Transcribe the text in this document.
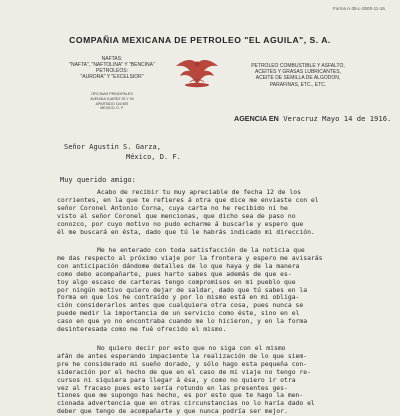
Forma A-35-L-2500-11-16.
COMPAÑIA MEXICANA DE PETROLEO "EL AGUILA", S. A.
NAFTAS:
"NAFTA", "NAFTOLINA" Y "BENCINA"
PETROLEOS:
"AURORA" Y "EXCELSIOR"
OFICINAS PRINCIPALES
AVENIDA JUAREZ 92 Y 94
APARTADO 116 BIS
MEXICO, D. F.
PETROLEO COMBUSTIBLE Y ASFALTO,
ACEITES Y GRASAS LUBRICANTES,
ACEITE DE SEMILLA DE ALGODON,
PARAFINAS, ETC., ETC.
AGENCIA EN Veracruz Mayo 14 de 1916.
Señor Agustin S. Garza,
México, D. F.
Muy querido amigo:
Acabo de recibir tu muy apreciable de fecha 12 de los
corrientes, en la que te refieres á otra que dice me enviaste con el
señor Coronel Antonio Corna, cuya carta no he recibido ni he
visto al señor Coronel que mencionas, que dicho sea de paso no
conozco, por cuyo motivo no pudo echarme á buscarle y espero que
él me buscará en ésta, dado que tú le habrás indicado mi dirección.
Me he enterado con toda satisfacción de la noticia que
me das respecto al próximo viaje por la frontera y espero me avisarás
con anticipación dándome detalles de lo que haya y de la manera
como debo acompañarte, pues harto sabes que además de que es-
toy algo escaso de carteras tengo compromisos en mi pueblo que
por ningún motivo quiero dejar de saldar, dado que tú sabes en la
forma en que los he contraído y por lo mismo está en mi obliga-
ción considerarlos antes que cualquiera otra cosa, pues nunca se
puede medir la importancia de un servicio como éste, sino en el
caso en que yo no encontraba cuando me lo hicieron, y en la forma
desinteresada como me fué ofrecido el mismo.
No quiero decir por esto que no siga con el mismo
afán de antes esperando impaciente la realización de lo que siem-
pre he considerado mi sueño dorado, y sólo hago esta pequeña con-
sideración por el hecho de que en el caso de mi viaje no tengo re-
cursos ni siquiera para llegar á ésa, y como no quiero ir otra
vez al fracaso pues esto sería rotundo en las presentes ges-
tiones que me supongo has hecho, es por esto que te hago la men-
cionada advertencia que en otras circunstancias no lo haría dado el
deber que tengo de acompañarte y que nunca podría ser mejor.
